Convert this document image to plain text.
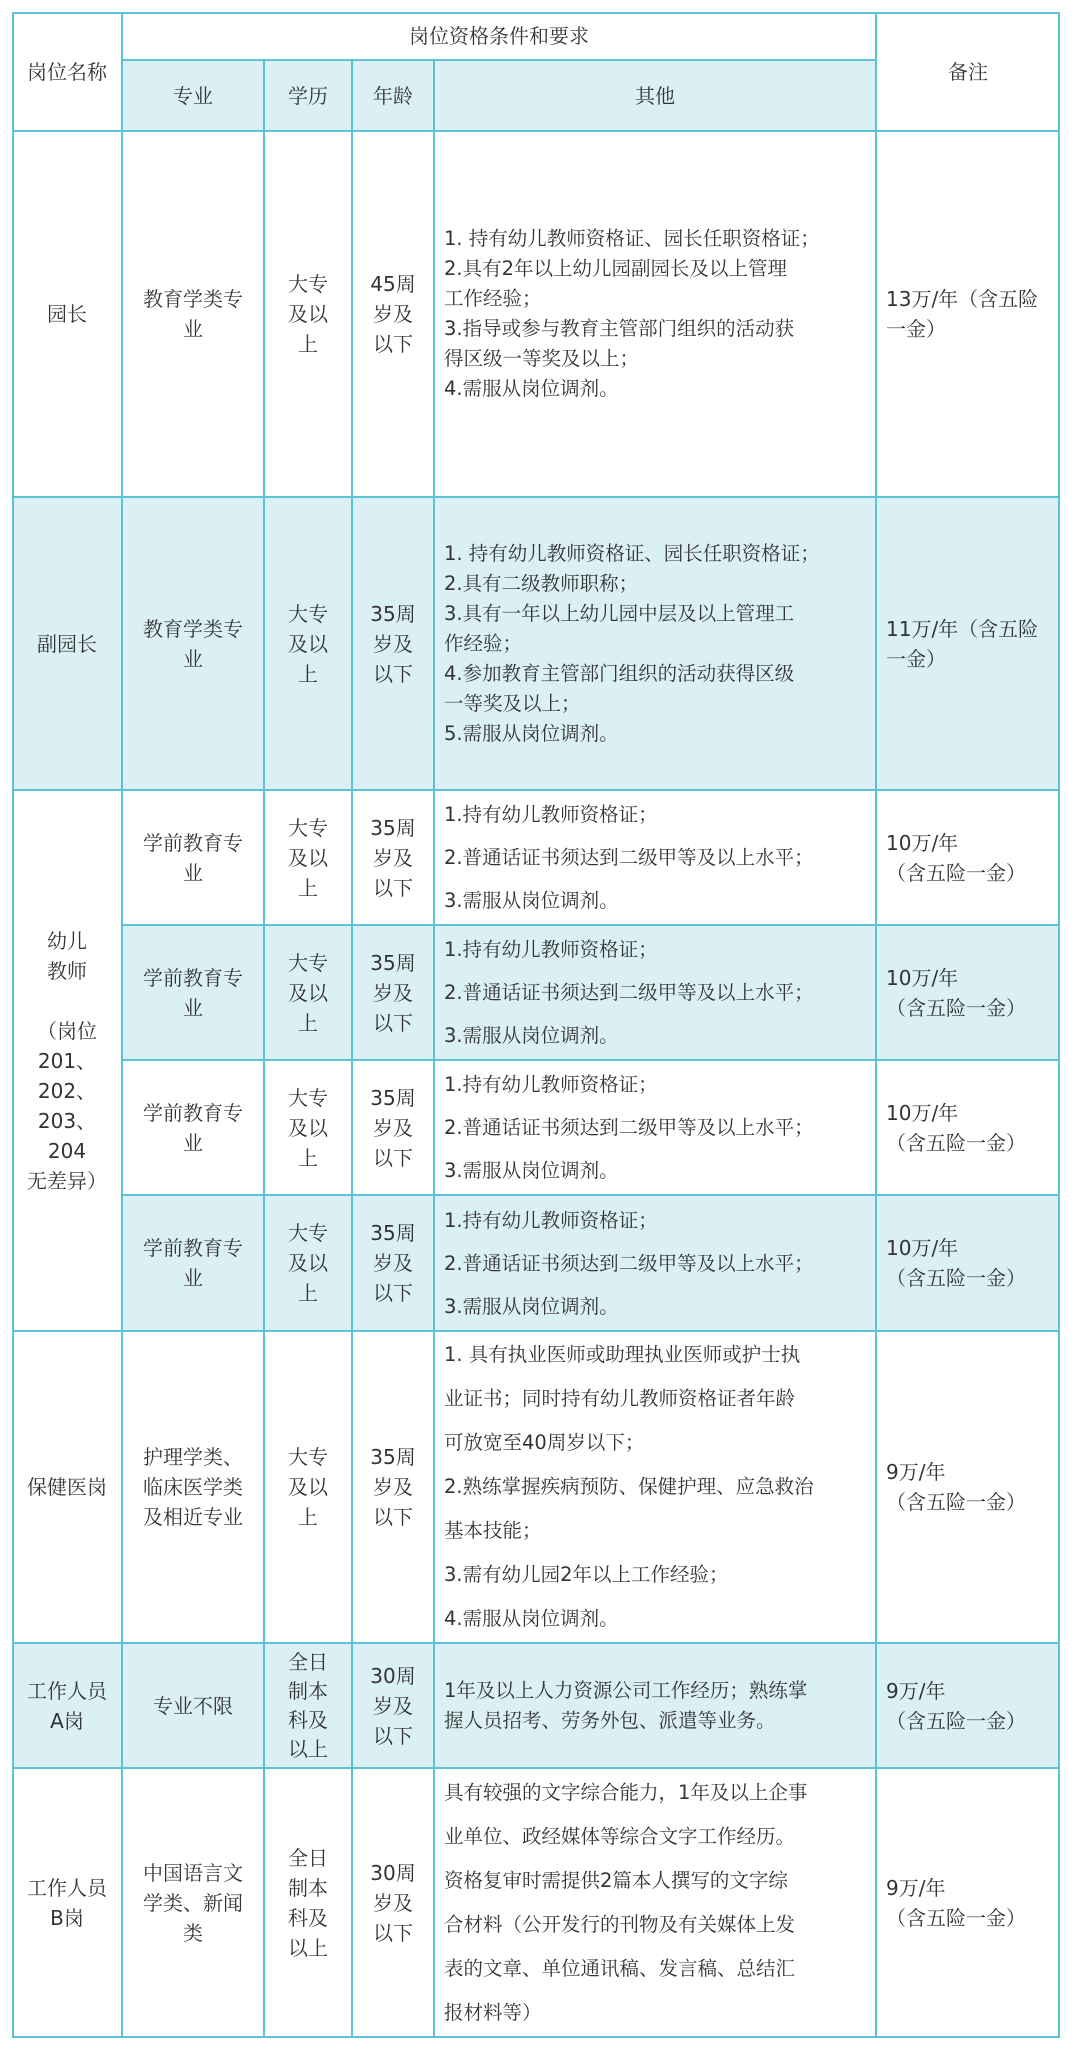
岗位名称
岗位资格条件和要求
专业	学历 年龄	其他
备注
园长
教育学类专
业
大专
及以
上
45周
岁及
以下
1. 持有幼儿教师资格证、园长任职资格证；
2.具有2年以上幼儿园副园长及以上管理
工作经验；
3.指导或参与教育主管部门组织的活动获
得区级一等奖及以上；
4.需服从岗位调剂。
13万/年（含五险
一金）
副园长
教育学类专
业
大专
及以
上
35周
岁及
以下
1. 持有幼儿教师资格证、园长任职资格证；
2.具有二级教师职称；
3.具有一年以上幼儿园中层及以上管理工
作经验；
4.参加教育主管部门组织的活动获得区级
一等奖及以上；
5.需服从岗位调剂。
11万/年（含五险
一金）
幼儿
教师

（岗位
201、
202、
203、204
无差异）
学前教育专
业
大专
及以
上
35周
岁及
以下
1.持有幼儿教师资格证；
2.普通话证书须达到二级甲等及以上水平；
3.需服从岗位调剂。
10万/年
（含五险一金）
学前教育专
业
大专
及以
上
35周
岁及
以下
1.持有幼儿教师资格证；
2.普通话证书须达到二级甲等及以上水平；
3.需服从岗位调剂。
10万/年
（含五险一金）
学前教育专
业
大专
及以
上
35周
岁及
以下
1.持有幼儿教师资格证；
2.普通话证书须达到二级甲等及以上水平；
3.需服从岗位调剂。
10万/年
（含五险一金）
学前教育专
业
大专
及以
上
35周
岁及
以下
1.持有幼儿教师资格证；
2.普通话证书须达到二级甲等及以上水平；
3.需服从岗位调剂。
10万/年
（含五险一金）
保健医岗
护理学类、
临床医学类
及相近专业
大专
及以
上
35周
岁及
以下
1. 具有执业医师或助理执业医师或护士执
业证书；同时持有幼儿教师资格证者年龄
可放宽至40周岁以下；
2.熟练掌握疾病预防、保健护理、应急救治
基本技能；
3.需有幼儿园2年以上工作经验；
4.需服从岗位调剂。
9万/年
（含五险一金）
工作人员
A岗
专业不限
全日
制本
科及
以上
30周
岁及
以下
1年及以上人力资源公司工作经历；熟练掌
握人员招考、劳务外包、派遣等业务。
9万/年
（含五险一金）
工作人员
B岗
中国语言文
学类、新闻
类
全日
制本
科及
以上
30周
岁及
以下
具有较强的文字综合能力，1年及以上企事
业单位、政经媒体等综合文字工作经历。
资格复审时需提供2篇本人撰写的文字综
合材料（公开发行的刊物及有关媒体上发
表的文章、单位通讯稿、发言稿、总结汇
报材料等）
9万/年
（含五险一金）
